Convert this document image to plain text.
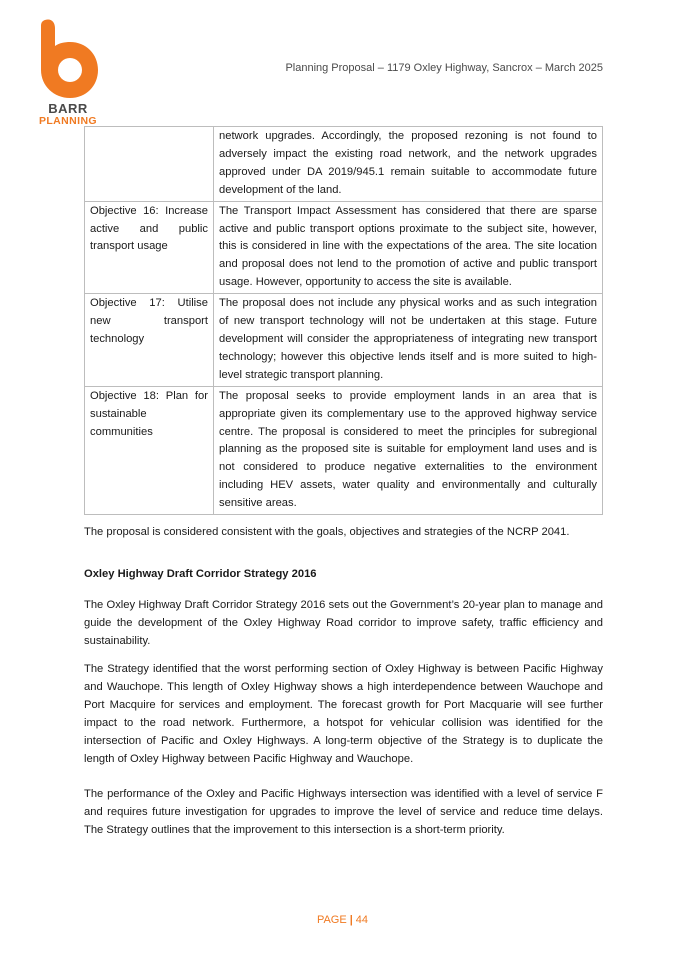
BARR
PLANNING
Planning Proposal – 1179 Oxley Highway, Sancrox – March 2025
	network upgrades. Accordingly, the proposed rezoning is not found to adversely impact the existing road network, and the network upgrades approved under DA 2019/945.1 remain suitable to accommodate future development of the land.
Objective 16: Increase active and public transport usage	The Transport Impact Assessment has considered that there are sparse active and public transport options proximate to the subject site, however, this is considered in line with the expectations of the area. The site location and proposal does not lend to the promotion of active and public transport usage. However, opportunity to access the site is available.
Objective 17: Utilise new transport technology	The proposal does not include any physical works and as such integration of new transport technology will not be undertaken at this stage. Future development will consider the appropriateness of integrating new transport technology; however this objective lends itself and is more suited to high-level strategic transport planning.
Objective 18: Plan for sustainable communities	The proposal seeks to provide employment lands in an area that is appropriate given its complementary use to the approved highway service centre. The proposal is considered to meet the principles for subregional planning as the proposed site is suitable for employment land uses and is not considered to produce negative externalities to the environment including HEV assets, water quality and environmentally and culturally sensitive areas.

The proposal is considered consistent with the goals, objectives and strategies of the NCRP 2041.

Oxley Highway Draft Corridor Strategy 2016

The Oxley Highway Draft Corridor Strategy 2016 sets out the Government’s 20-year plan to manage and guide the development of the Oxley Highway Road corridor to improve safety, traffic efficiency and sustainability.

The Strategy identified that the worst performing section of Oxley Highway is between Pacific Highway and Wauchope. This length of Oxley Highway shows a high interdependence between Wauchope and Port Macquire for services and employment. The forecast growth for Port Macquarie will see further impact to the road network. Furthermore, a hotspot for vehicular collision was identified for the intersection of Pacific and Oxley Highways. A long-term objective of the Strategy is to duplicate the length of Oxley Highway between Pacific Highway and Wauchope.

The performance of the Oxley and Pacific Highways intersection was identified with a level of service F and requires future investigation for upgrades to improve the level of service and reduce time delays. The Strategy outlines that the improvement to this intersection is a short-term priority.

PAGE | 44
